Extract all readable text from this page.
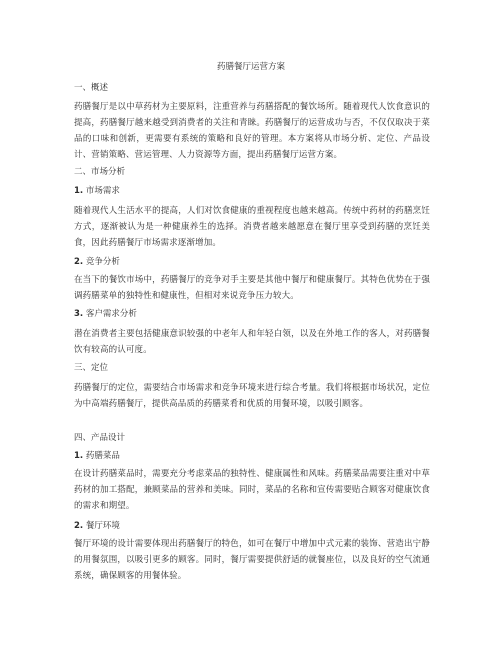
药膳餐厅运营方案
一、概述
药膳餐厅是以中草药材为主要原料，注重营养与药膳搭配的餐饮场所。随着现代人饮食意识的提高，药膳餐厅越来越受到消费者的关注和青睐。药膳餐厅的运营成功与否，不仅仅取决于菜品的口味和创新，更需要有系统的策略和良好的管理。本方案将从市场分析、定位、产品设计、营销策略、营运管理、人力资源等方面，提出药膳餐厅运营方案。
二、市场分析
1. 市场需求
随着现代人生活水平的提高，人们对饮食健康的重视程度也越来越高。传统中药材的药膳烹饪方式，逐渐被认为是一种健康养生的选择。消费者越来越愿意在餐厅里享受到药膳的烹饪美食，因此药膳餐厅市场需求逐渐增加。
2. 竞争分析
在当下的餐饮市场中，药膳餐厅的竞争对手主要是其他中餐厅和健康餐厅。其特色优势在于强调药膳菜单的独特性和健康性，但相对来说竞争压力较大。
3. 客户需求分析
潜在消费者主要包括健康意识较强的中老年人和年轻白领，以及在外地工作的客人，对药膳餐饮有较高的认可度。
三、定位
药膳餐厅的定位，需要结合市场需求和竞争环境来进行综合考量。我们将根据市场状况，定位为中高端药膳餐厅，提供高品质的药膳菜肴和优质的用餐环境，以吸引顾客。
四、产品设计
1. 药膳菜品
在设计药膳菜品时，需要充分考虑菜品的独特性、健康属性和风味。药膳菜品需要注重对中草药材的加工搭配，兼顾菜品的营养和美味。同时，菜品的名称和宣传需要贴合顾客对健康饮食的需求和期望。
2. 餐厅环境
餐厅环境的设计需要体现出药膳餐厅的特色，如可在餐厅中增加中式元素的装饰、营造出宁静的用餐氛围，以吸引更多的顾客。同时，餐厅需要提供舒适的就餐座位，以及良好的空气流通系统，确保顾客的用餐体验。
